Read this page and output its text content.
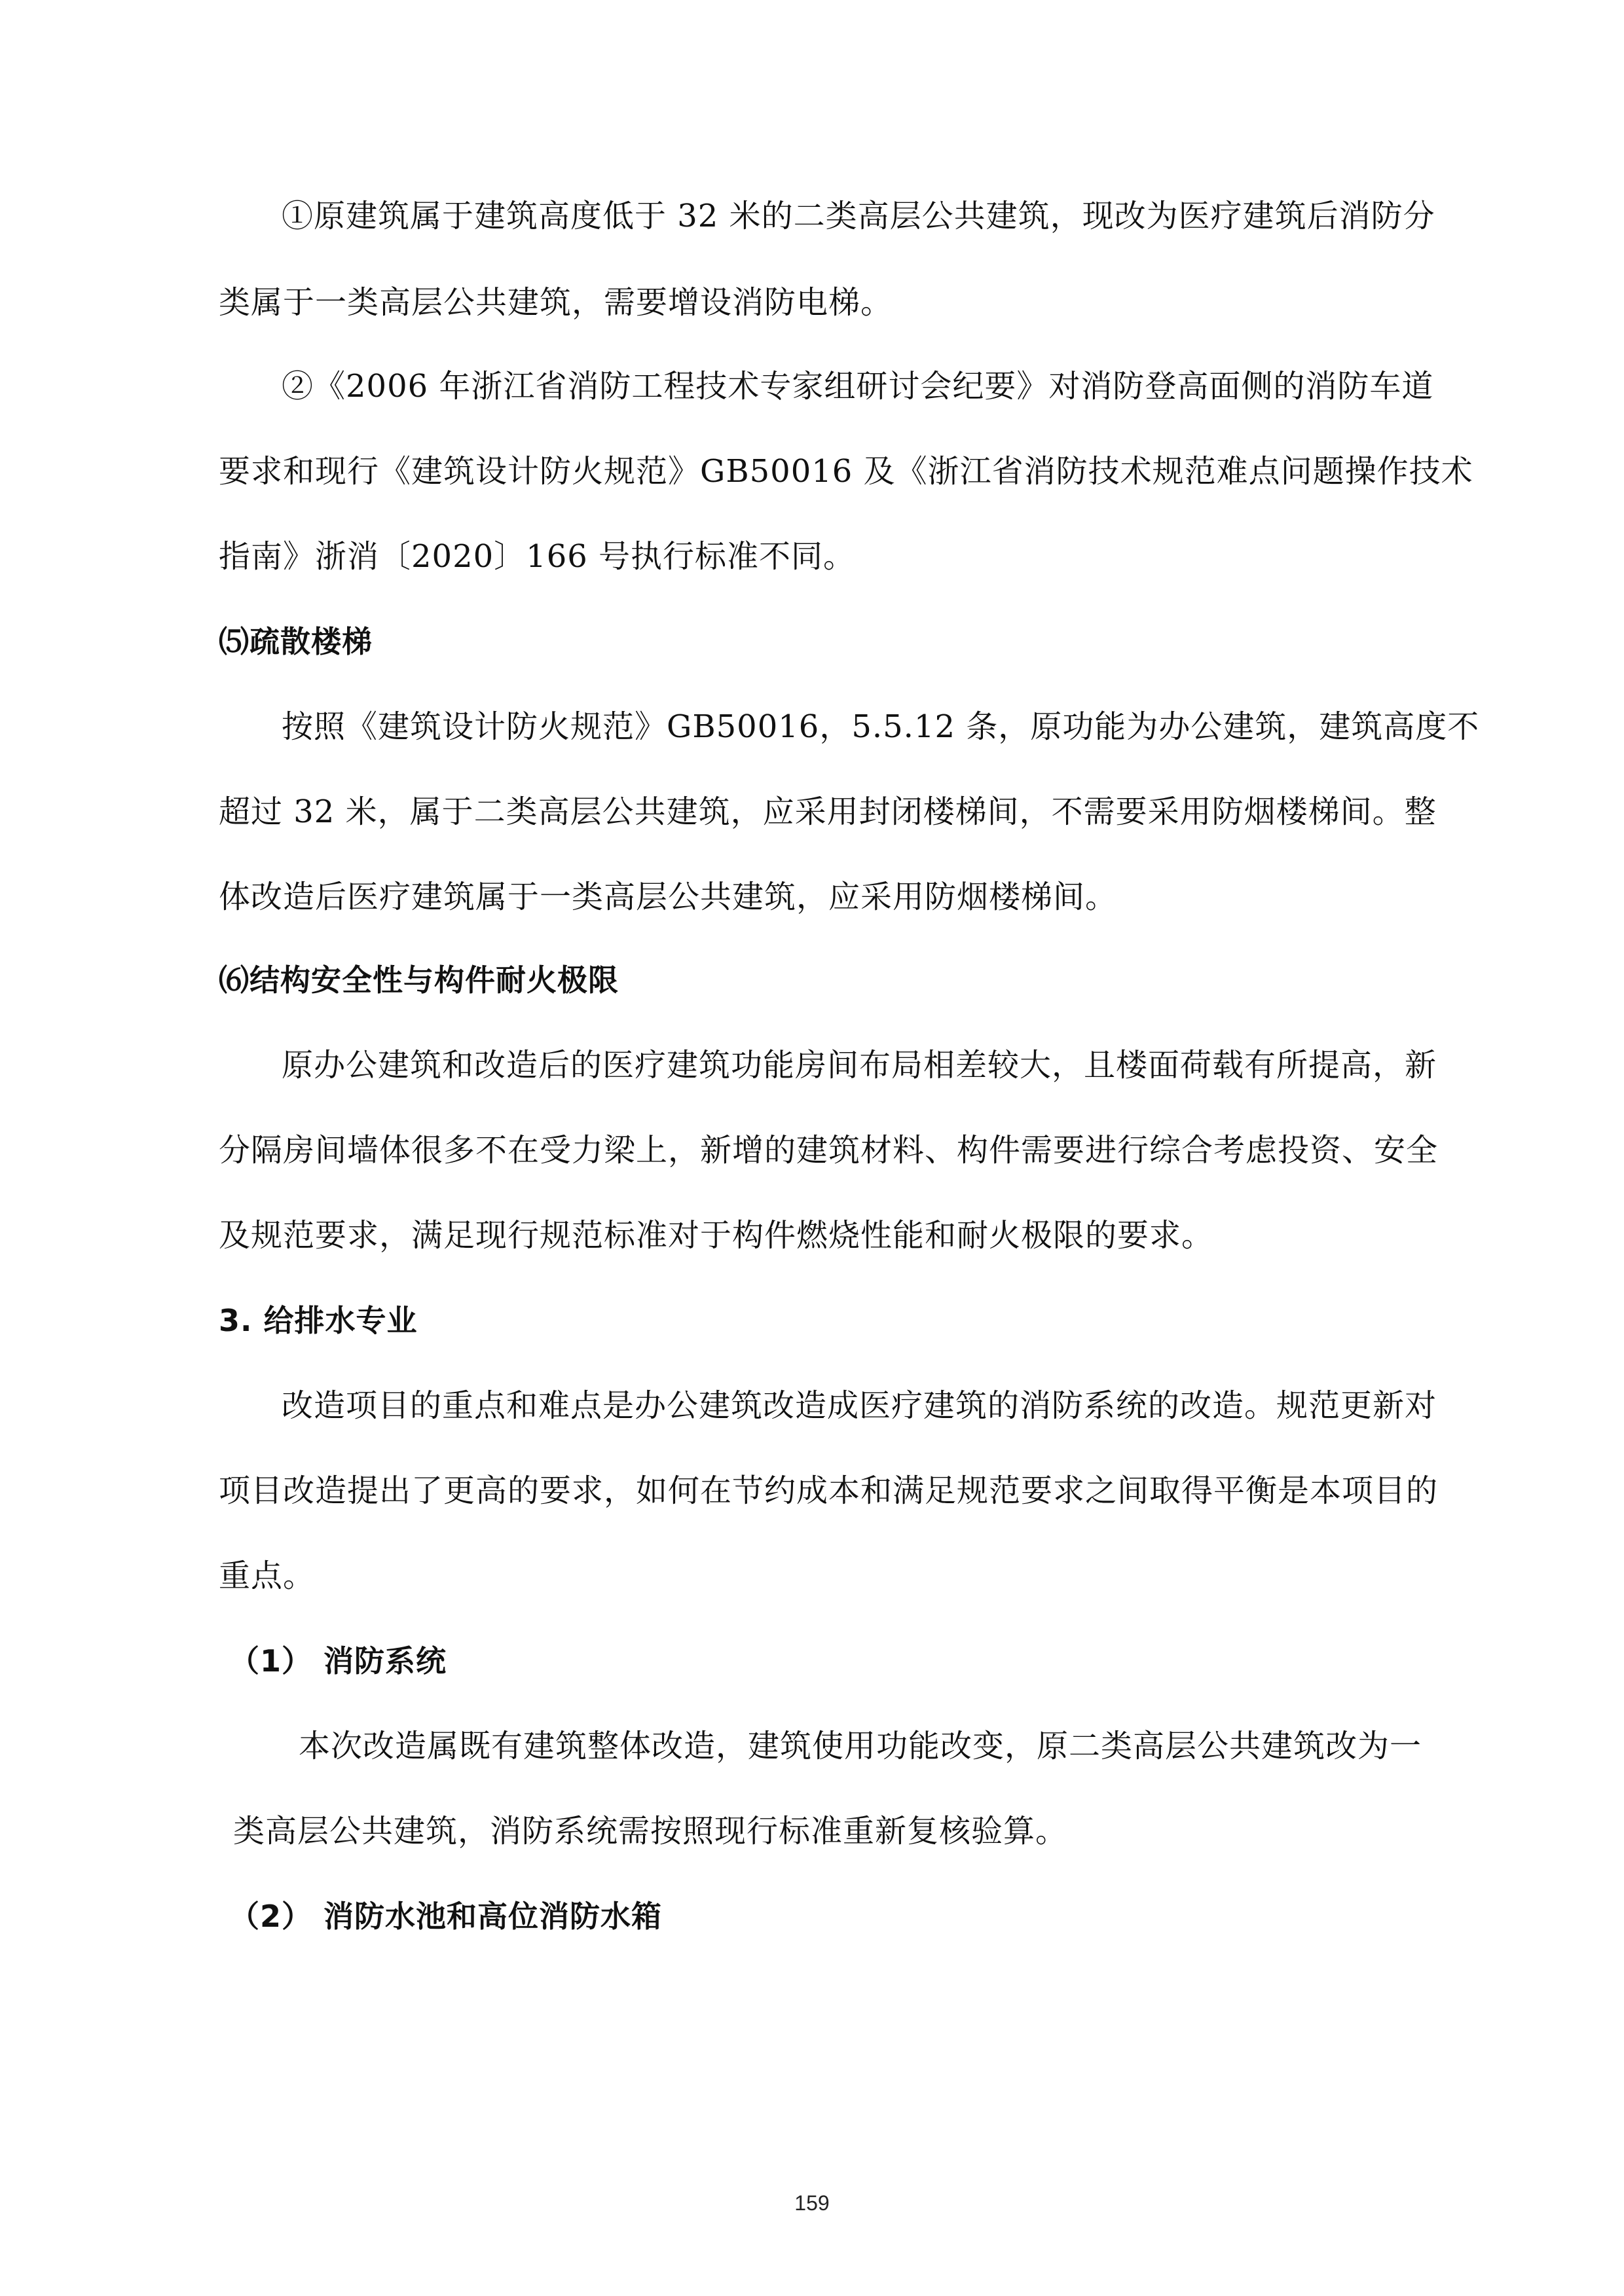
①原建筑属于建筑高度低于 32 米的二类高层公共建筑，现改为医疗建筑后消防分
类属于一类高层公共建筑，需要增设消防电梯。
②《2006 年浙江省消防工程技术专家组研讨会纪要》对消防登高面侧的消防车道
要求和现行《建筑设计防火规范》GB50016 及《浙江省消防技术规范难点问题操作技术
指南》浙消〔2020〕166 号执行标准不同。
⑸疏散楼梯
按照《建筑设计防火规范》GB50016，5.5.12 条，原功能为办公建筑，建筑高度不
超过 32 米，属于二类高层公共建筑，应采用封闭楼梯间，不需要采用防烟楼梯间。整
体改造后医疗建筑属于一类高层公共建筑，应采用防烟楼梯间。
⑹结构安全性与构件耐火极限
原办公建筑和改造后的医疗建筑功能房间布局相差较大，且楼面荷载有所提高，新
分隔房间墙体很多不在受力梁上，新增的建筑材料、构件需要进行综合考虑投资、安全
及规范要求，满足现行规范标准对于构件燃烧性能和耐火极限的要求。
3. 给排水专业
改造项目的重点和难点是办公建筑改造成医疗建筑的消防系统的改造。规范更新对
项目改造提出了更高的要求，如何在节约成本和满足规范要求之间取得平衡是本项目的
重点。
（1） 消防系统
本次改造属既有建筑整体改造，建筑使用功能改变，原二类高层公共建筑改为一
类高层公共建筑，消防系统需按照现行标准重新复核验算。
（2） 消防水池和高位消防水箱
159
